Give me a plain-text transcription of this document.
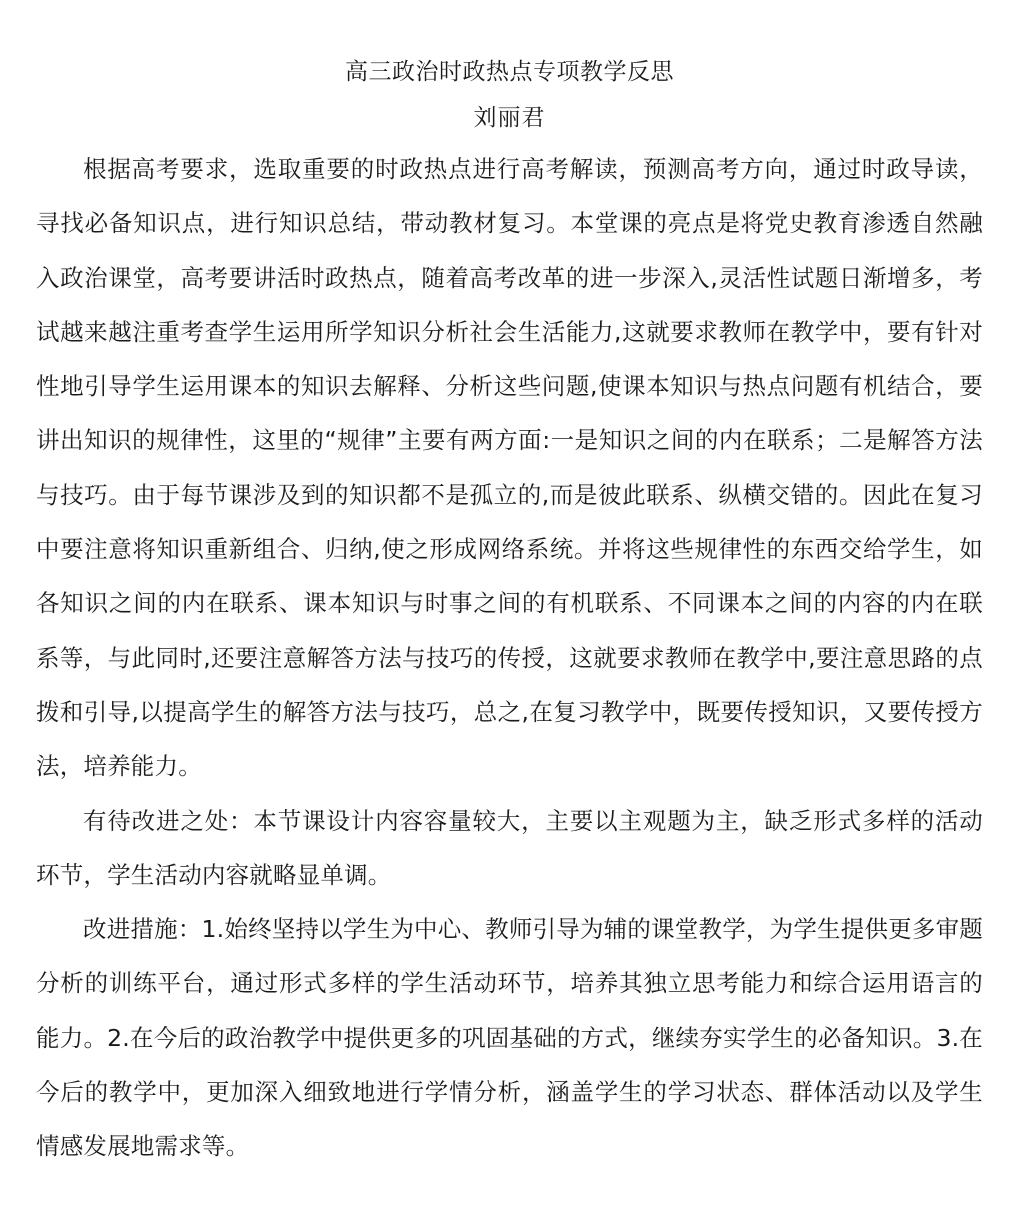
高三政治时政热点专项教学反思
刘丽君

根据高考要求，选取重要的时政热点进行高考解读，预测高考方向，通过时政导读，寻找必备知识点，进行知识总结，带动教材复习。本堂课的亮点是将党史教育渗透自然融入政治课堂，高考要讲活时政热点，随着高考改革的进一步深入,灵活性试题日渐增多，考试越来越注重考查学生运用所学知识分析社会生活能力,这就要求教师在教学中，要有针对性地引导学生运用课本的知识去解释、分析这些问题,使课本知识与热点问题有机结合，要讲出知识的规律性，这里的“规律”主要有两方面:一是知识之间的内在联系；二是解答方法与技巧。由于每节课涉及到的知识都不是孤立的,而是彼此联系、纵横交错的。因此在复习中要注意将知识重新组合、归纳,使之形成网络系统。并将这些规律性的东西交给学生，如各知识之间的内在联系、课本知识与时事之间的有机联系、不同课本之间的内容的内在联系等，与此同时,还要注意解答方法与技巧的传授，这就要求教师在教学中,要注意思路的点拨和引导,以提高学生的解答方法与技巧，总之,在复习教学中，既要传授知识，又要传授方法，培养能力。

有待改进之处：本节课设计内容容量较大，主要以主观题为主，缺乏形式多样的活动环节，学生活动内容就略显单调。

改进措施：1.始终坚持以学生为中心、教师引导为辅的课堂教学，为学生提供更多审题分析的训练平台，通过形式多样的学生活动环节，培养其独立思考能力和综合运用语言的能力。2.在今后的政治教学中提供更多的巩固基础的方式，继续夯实学生的必备知识。3.在今后的教学中，更加深入细致地进行学情分析，涵盖学生的学习状态、群体活动以及学生情感发展地需求等。
